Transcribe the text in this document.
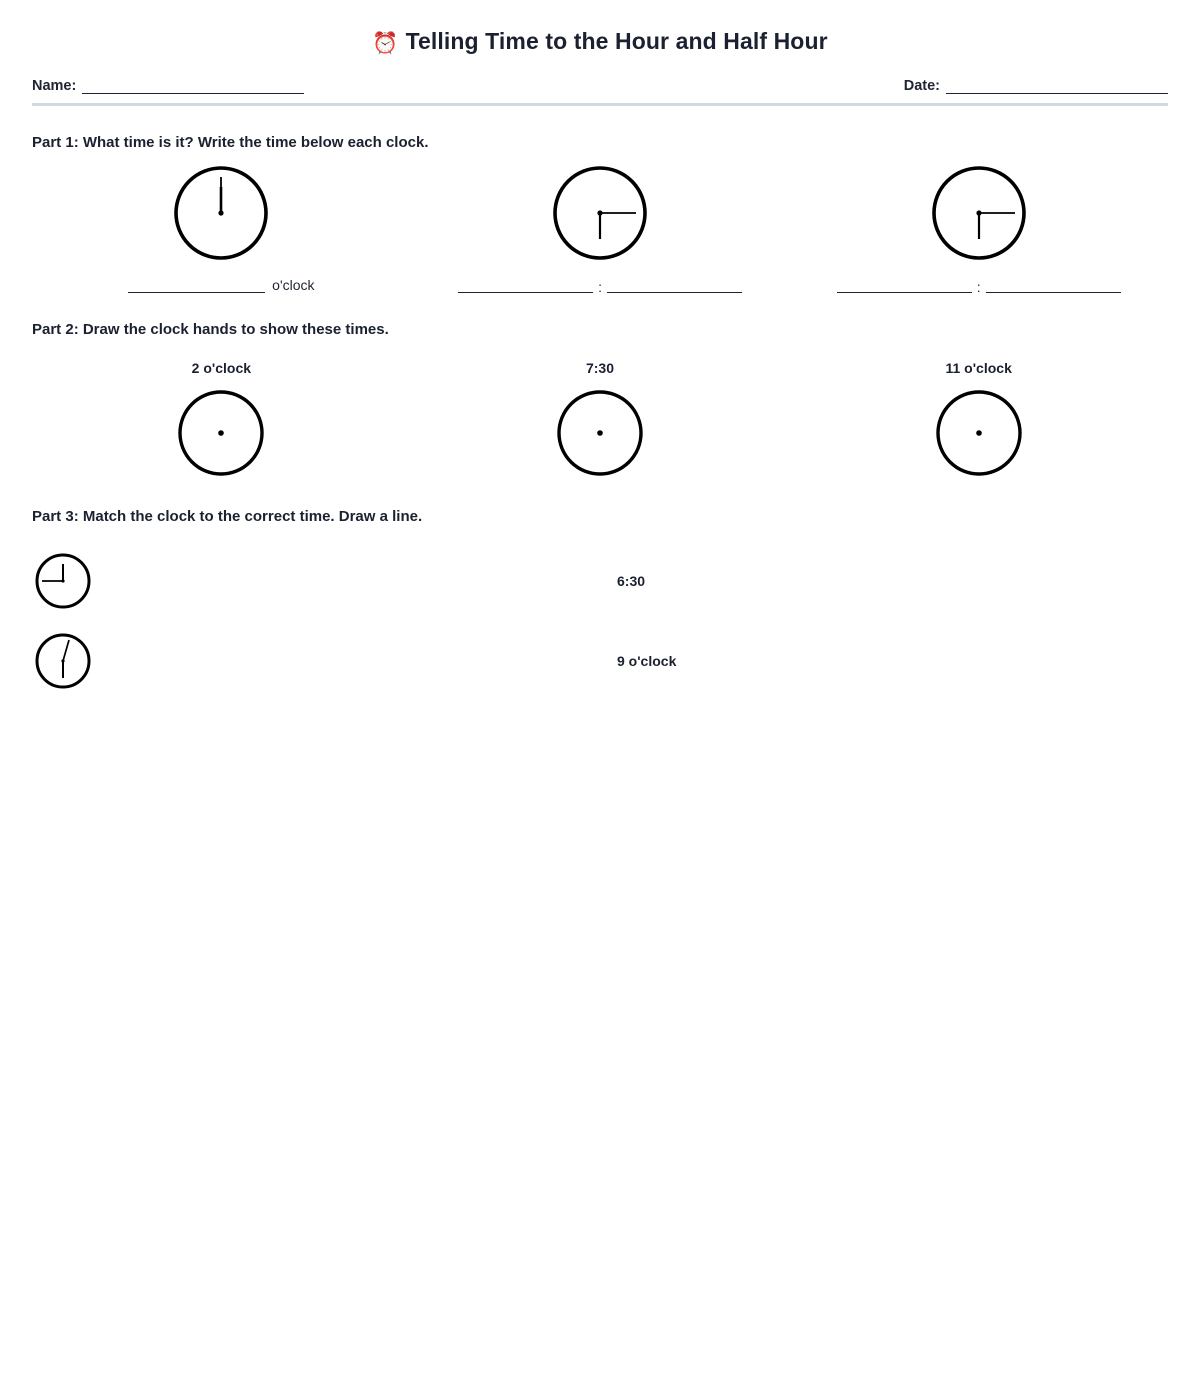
⏰ Telling Time to the Hour and Half Hour
Name:	Date:
Part 1: What time is it? Write the time below each clock.
o'clock	:	:
Part 2: Draw the clock hands to show these times.
2 o'clock	7:30	11 o'clock
Part 3: Match the clock to the correct time. Draw a line.
6:30
9 o'clock
